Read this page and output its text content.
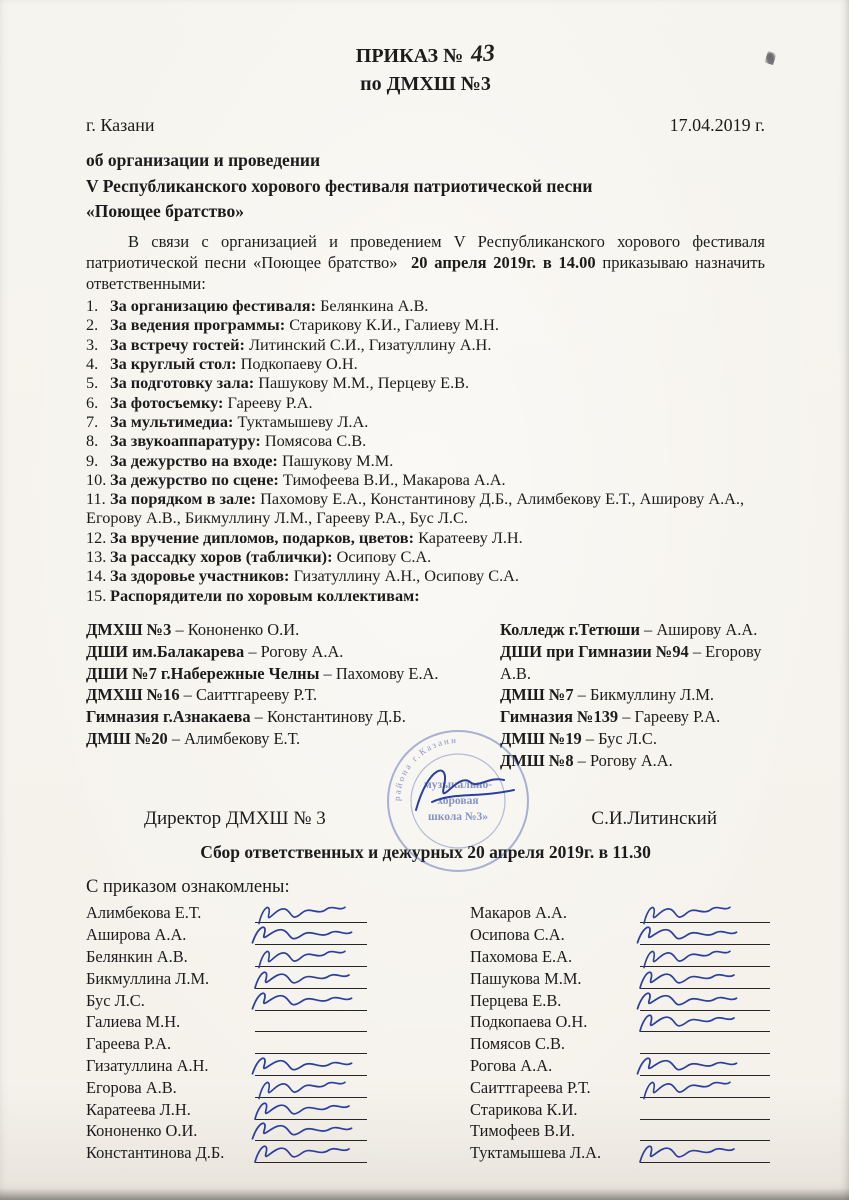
ПРИКАЗ № 43
по ДМХШ №3
г. Казани	17.04.2019 г.
об организации и проведении
V Республиканского хорового фестиваля патриотической песни
«Поющее братство»

В связи с организацией и проведением V Республиканского хорового фестиваля патриотической песни «Поющее братство» 20 апреля 2019г. в 14.00 приказываю назначить ответственными:

1. За организацию фестиваля: Белянкина А.В.
2. За ведения программы: Старикову К.И., Галиеву М.Н.
3. За встречу гостей: Литинский С.И., Гизатуллину А.Н.
4. За круглый стол: Подкопаеву О.Н.
5. За подготовку зала: Пашукову М.М., Перцеву Е.В.
6. За фотосъемку: Гарееву Р.А.
7. За мультимедиа: Туктамышеву Л.А.
8. За звукоаппаратуру: Помясова С.В.
9. За дежурство на входе: Пашукову М.М.
10. За дежурство по сцене: Тимофеева В.И., Макарова А.А.
11. За порядком в зале: Пахомову Е.А., Константинову Д.Б., Алимбекову Е.Т., Аширову А.А., Егорову А.В., Бикмуллину Л.М., Гарееву Р.А., Бус Л.С.
12. За вручение дипломов, подарков, цветов: Каратееву Л.Н.
13. За рассадку хоров (таблички): Осипову С.А.
14. За здоровье участников: Гизатуллину А.Н., Осипову С.А.
15. Распорядители по хоровым коллективам:
ДМХШ №3 – Кононенко О.И.
ДШИ им.Балакарева – Рогову А.А.
ДШИ №7 г.Набережные Челны – Пахомову Е.А.
ДМХШ №16 – Саиттгарееву Р.Т.
Гимназия г.Азнакаева – Константинову Д.Б.
ДМШ №20 – Алимбекову Е.Т.
Колледж г.Тетюши – Аширову А.А.
ДШИ при Гимназии №94 – Егорову А.В.
ДМШ №7 – Бикмуллину Л.М.
Гимназия №139 – Гарееву Р.А.
ДМШ №19 – Бус Л.С.
ДМШ №8 – Рогову А.А.
района г.Казани
музыкально-
хоровая
школа №3»
Директор ДМХШ № 3	С.И.Литинский
Сбор ответственных и дежурных 20 апреля 2019г. в 11.30
С приказом ознакомлены:
Алимбекова Е.Т.
Аширова А.А.
Белянкин А.В.
Бикмуллина Л.М.
Бус Л.С.
Галиева М.Н.
Гареева Р.А.
Гизатуллина А.Н.
Егорова А.В.
Каратеева Л.Н.
Кононенко О.И.
Константинова Д.Б.
Макаров А.А.
Осипова С.А.
Пахомова Е.А.
Пашукова М.М.
Перцева Е.В.
Подкопаева О.Н.
Помясов С.В.
Рогова А.А.
Саиттгареева Р.Т.
Старикова К.И.
Тимофеев В.И.
Туктамышева Л.А.
